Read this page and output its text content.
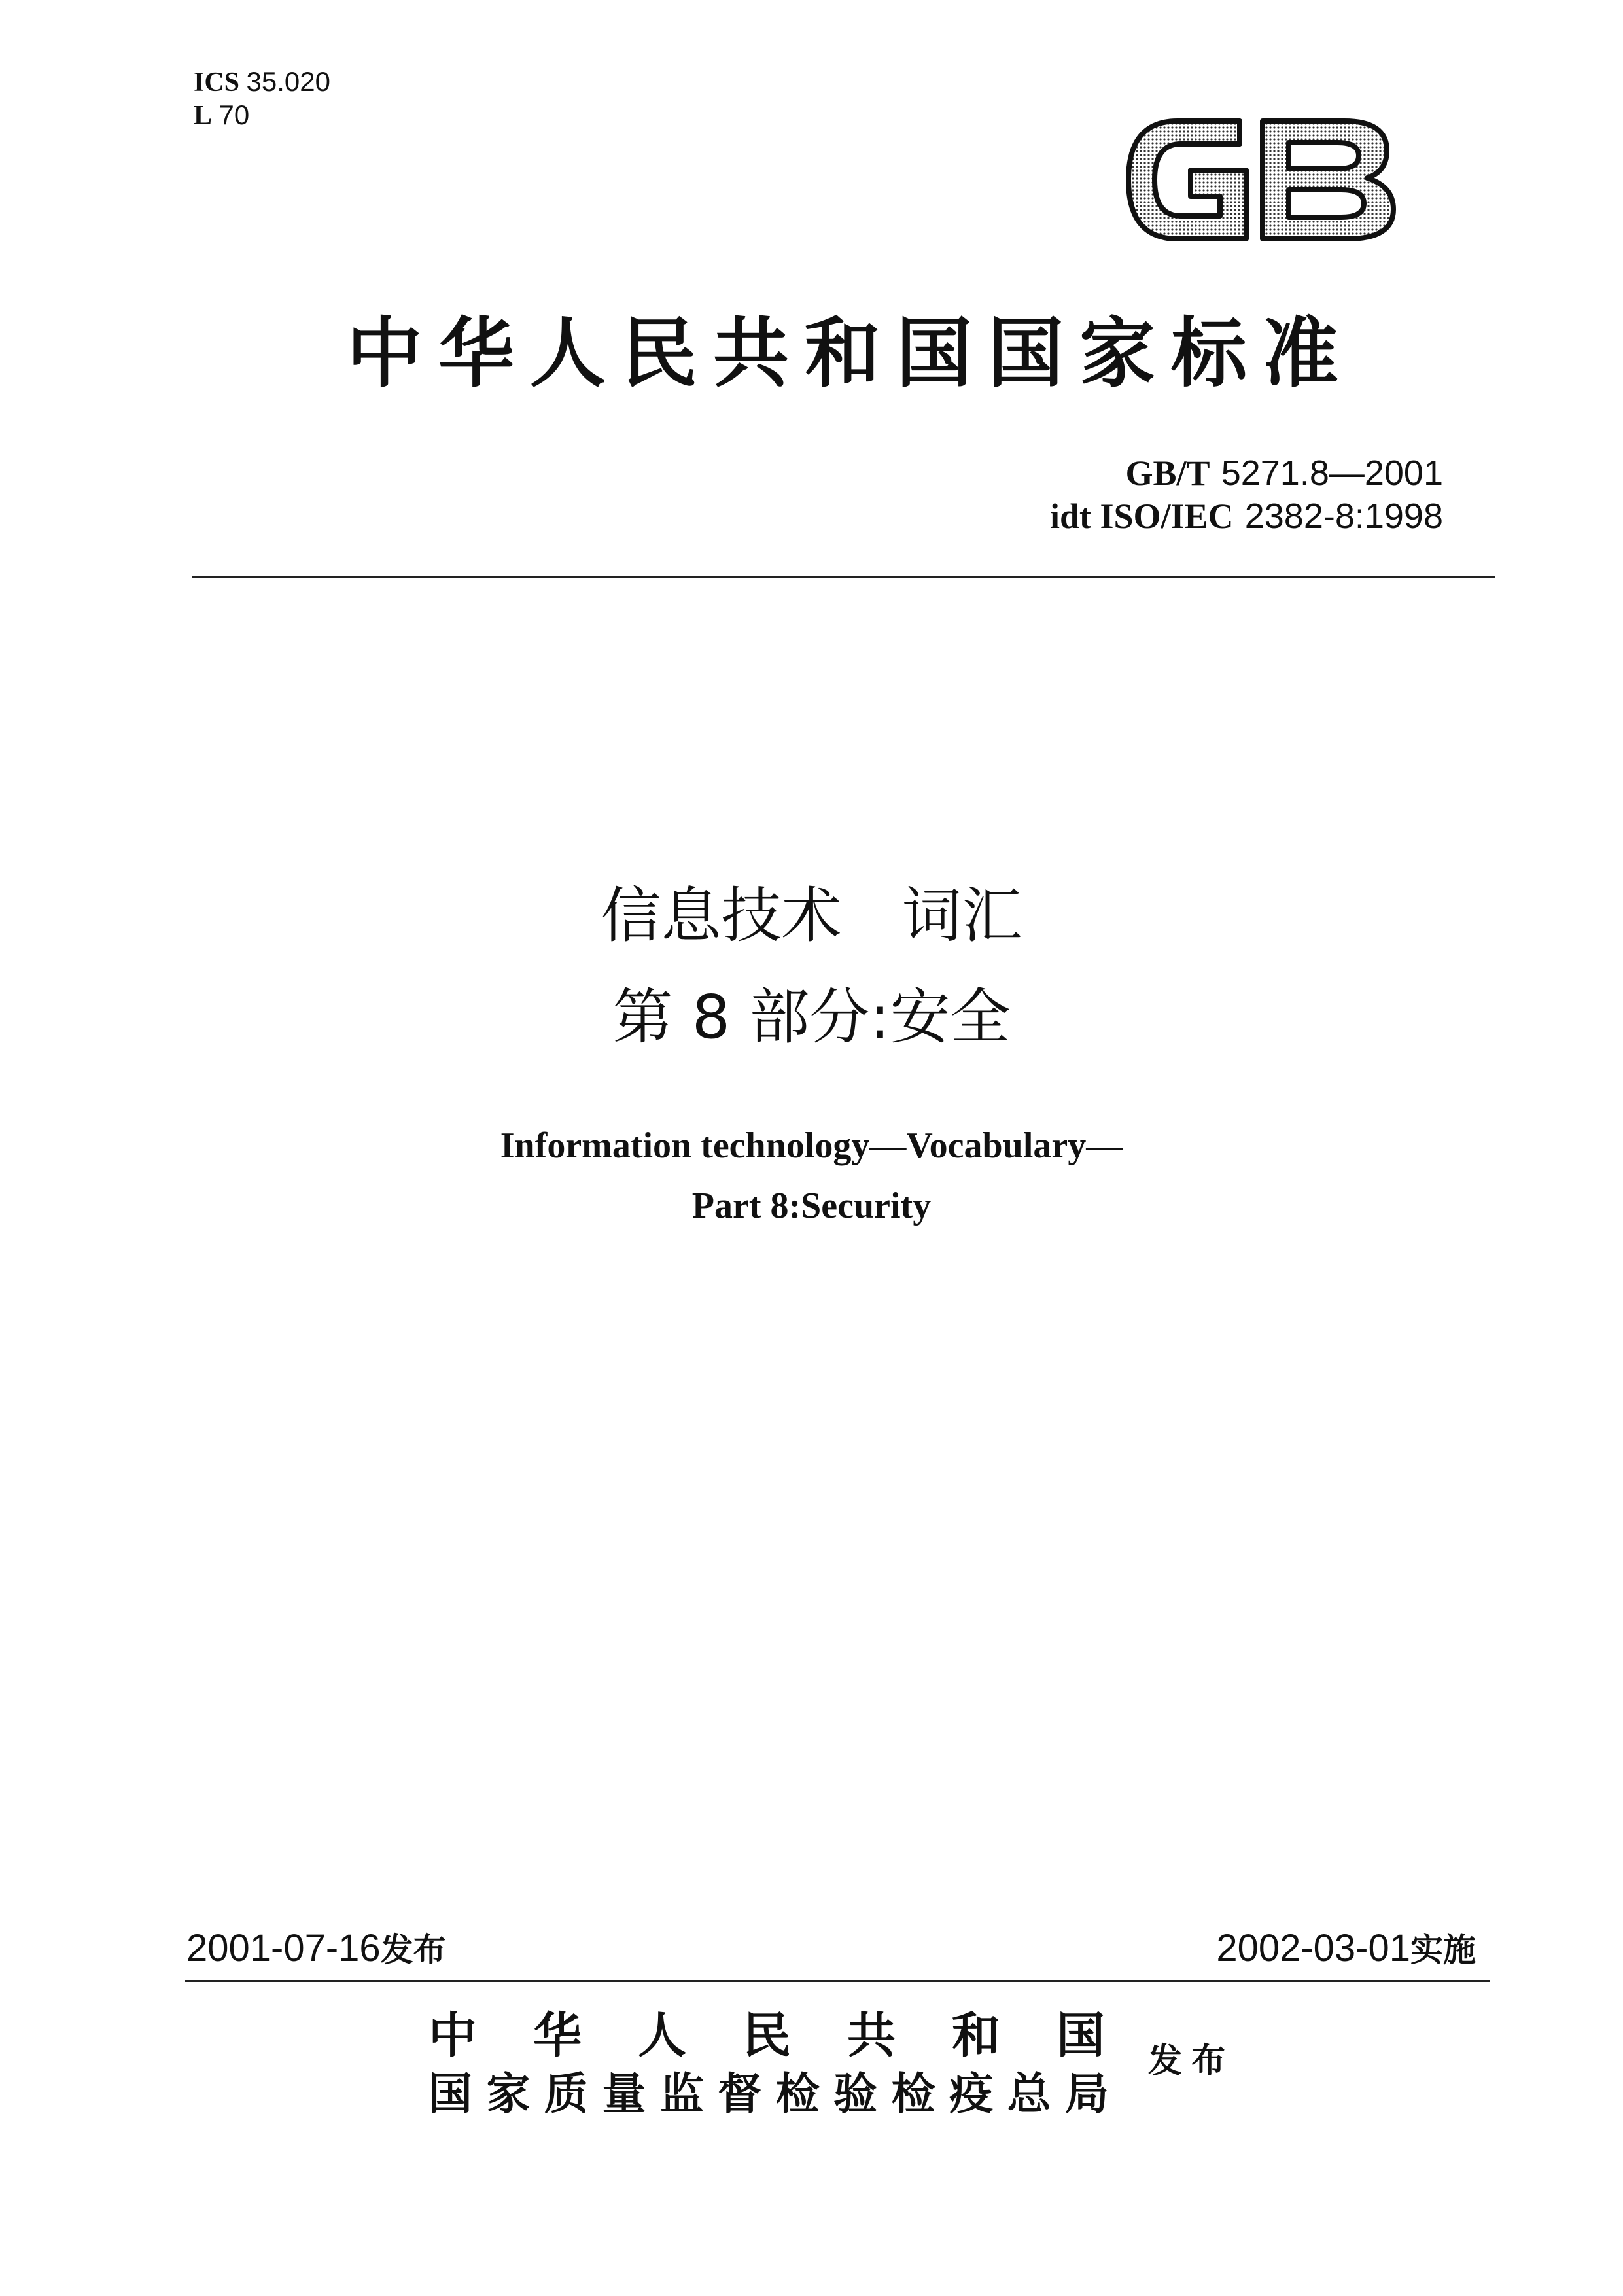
ICS 35.020
L 70
中华人民共和国国家标准
GB/T 5271.8—2001
idt ISO/IEC 2382-8:1998
信息技术　词汇
第 8 部分:安全
Information technology—Vocabulary—
Part 8:Security
2001-07-16发布	2002-03-01实施
中华人民共和国
国家质量监督检验检疫总局
发布
